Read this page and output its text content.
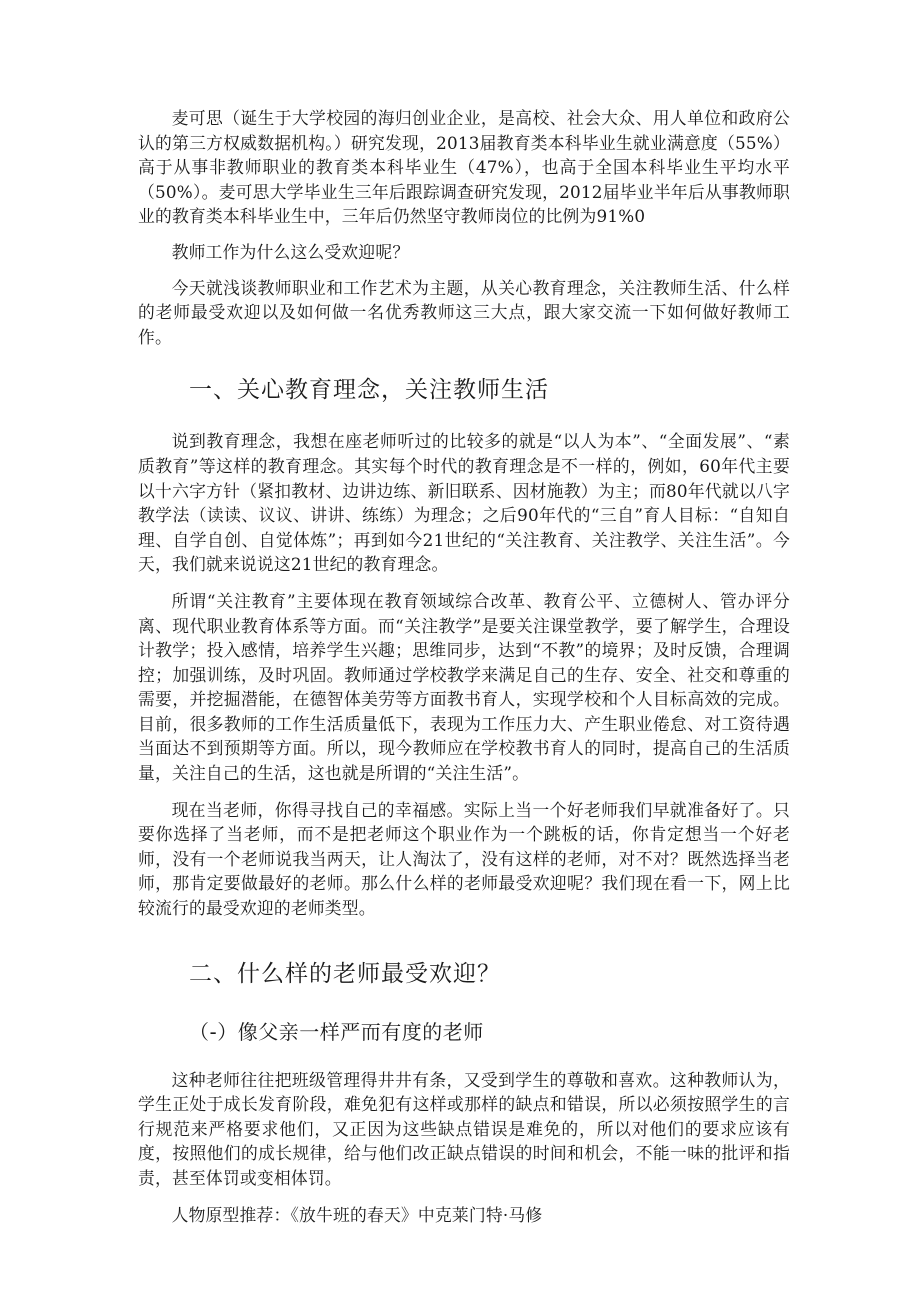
麦可思（诞生于大学校园的海归创业企业，是高校、社会大众、用人单位和政府公认的第三方权威数据机构。）研究发现，2013届教育类本科毕业生就业满意度（55%）高于从事非教师职业的教育类本科毕业生（47%），也高于全国本科毕业生平均水平（50%）。麦可思大学毕业生三年后跟踪调查研究发现，2012届毕业半年后从事教师职业的教育类本科毕业生中，三年后仍然坚守教师岗位的比例为91%0

教师工作为什么这么受欢迎呢？

今天就浅谈教师职业和工作艺术为主题，从关心教育理念，关注教师生活、什么样的老师最受欢迎以及如何做一名优秀教师这三大点，跟大家交流一下如何做好教师工作。

一、关心教育理念，关注教师生活

说到教育理念，我想在座老师听过的比较多的就是“以人为本”、“全面发展”、“素质教育”等这样的教育理念。其实每个时代的教育理念是不一样的，例如，60年代主要以十六字方针（紧扣教材、边讲边练、新旧联系、因材施教）为主；而80年代就以八字教学法（读读、议议、讲讲、练练）为理念；之后90年代的“三自”育人目标：“自知自理、自学自创、自觉体炼”；再到如今21世纪的“关注教育、关注教学、关注生活”。今天，我们就来说说这21世纪的教育理念。

所谓“关注教育”主要体现在教育领域综合改革、教育公平、立德树人、管办评分离、现代职业教育体系等方面。而“关注教学”是要关注课堂教学，要了解学生，合理设计教学；投入感情，培养学生兴趣；思维同步，达到“不教”的境界；及时反馈，合理调控；加强训练，及时巩固。教师通过学校教学来满足自己的生存、安全、社交和尊重的需要，并挖掘潜能，在德智体美劳等方面教书育人，实现学校和个人目标高效的完成。目前，很多教师的工作生活质量低下，表现为工作压力大、产生职业倦怠、对工资待遇当面达不到预期等方面。所以，现今教师应在学校教书育人的同时，提高自己的生活质量，关注自己的生活，这也就是所谓的“关注生活”。

现在当老师，你得寻找自己的幸福感。实际上当一个好老师我们早就准备好了。只要你选择了当老师，而不是把老师这个职业作为一个跳板的话，你肯定想当一个好老师，没有一个老师说我当两天，让人淘汰了，没有这样的老师，对不对？既然选择当老师，那肯定要做最好的老师。那么什么样的老师最受欢迎呢？我们现在看一下，网上比较流行的最受欢迎的老师类型。

二、什么样的老师最受欢迎？
（-）像父亲一样严而有度的老师

这种老师往往把班级管理得井井有条，又受到学生的尊敬和喜欢。这种教师认为，学生正处于成长发育阶段，难免犯有这样或那样的缺点和错误，所以必须按照学生的言行规范来严格要求他们，又正因为这些缺点错误是难免的，所以对他们的要求应该有度，按照他们的成长规律，给与他们改正缺点错误的时间和机会，不能一味的批评和指责，甚至体罚或变相体罚。

人物原型推荐：《放牛班的春天》中克莱门特·马修
